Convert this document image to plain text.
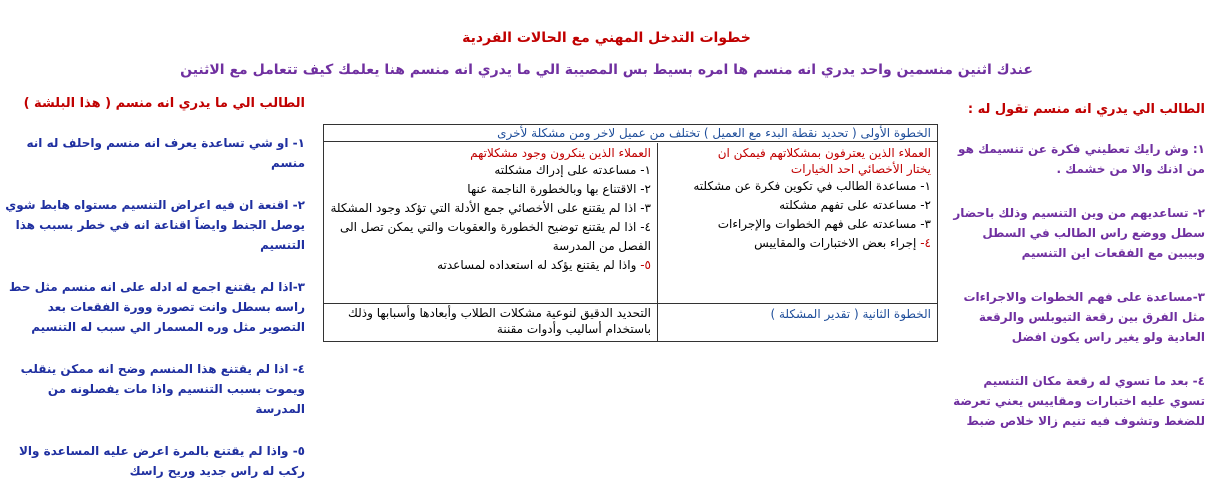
خطوات التدخل المهني مع الحالات الفردية
عندك اثنين منسمين واحد يدري انه منسم ها امره بسيط بس المصيبة الي ما يدري انه منسم هنا يعلمك كيف تتعامل مع الاثنين
الطالب الي يدري انه منسم تقول له :
١: وش رايك تعطيني فكرة عن تنسيمك هو من اذنك والا من خشمك .
٢- تساعديهم من وين التنسيم وذلك باحضار سطل ووضع راس الطالب في السطل وبيبين مع الفقعات اين التنسيم
٣-مساعدة على فهم الخطوات والاجراءات مثل الفرق بين رقعة التيوبلس والرقعة العادية ولو يغير راس يكون افضل
٤- بعد ما تسوي له رقعة مكان التنسيم تسوي عليه اختبارات ومقاييس يعني تعرضة للضغط وتشوف فيه تنيم زالا خلاص ضبط
الطالب الي ما يدري انه منسم ( هذا البلشة )
١- او شي تساعدة يعرف انه منسم واحلف له انه منسم
٢- اقنعة ان فيه اعراض التنسيم مستواه هابط شوي يوصل الجنط وايضاً اقناعة انه في خطر بسبب هذا التنسيم
٣-اذا لم يقتنع اجمع له ادله على انه منسم مثل حط راسه بسطل وانت تصورة وورة الفقعات بعد التصوير مثل وره المسمار الي سبب له التنسيم
٤- اذا لم يقتنع هذا المنسم وضح انه ممكن ينقلب ويموت بسبب التنسيم واذا مات يفصلونه من المدرسة
٥- واذا لم يقتنع بالمرة اعرض عليه المساعدة والا ركب له راس جديد وريح راسك
الخطوة الأولى ( تحديد نقطة البدء مع العميل ) تختلف من عميل لاخر ومن مشكلة لأخرى
العملاء الذين يعترفون بمشكلاتهم فيمكن ان
يختار الأخصائي احد الخيارات
١- مساعدة الطالب في تكوين فكرة عن مشكلته
٢- مساعدته على تفهم مشكلته
٣- مساعدته على فهم الخطوات والإجراءات
٤- إجراء بعض الاختبارات والمقاييس
العملاء الذين ينكرون وجود مشكلاتهم
١- مساعدته على إدراك مشكلته
٢- الاقتناع بها وبالخطورة الناجمة عنها
٣- اذا لم يقتنع على الأخصائي جمع الأدلة التي تؤكد وجود المشكلة
٤- اذا لم يقتنع توضيح الخطورة والعقوبات والتي يمكن تصل الى الفصل من المدرسة
٥- واذا لم يقتنع يؤكد له استعداده لمساعدته
الخطوة الثانية ( تقدير المشكلة )
التحديد الدقيق لنوعية مشكلات الطلاب وأبعادها وأسبابها وذلك باستخدام أساليب وأدوات مقننة
